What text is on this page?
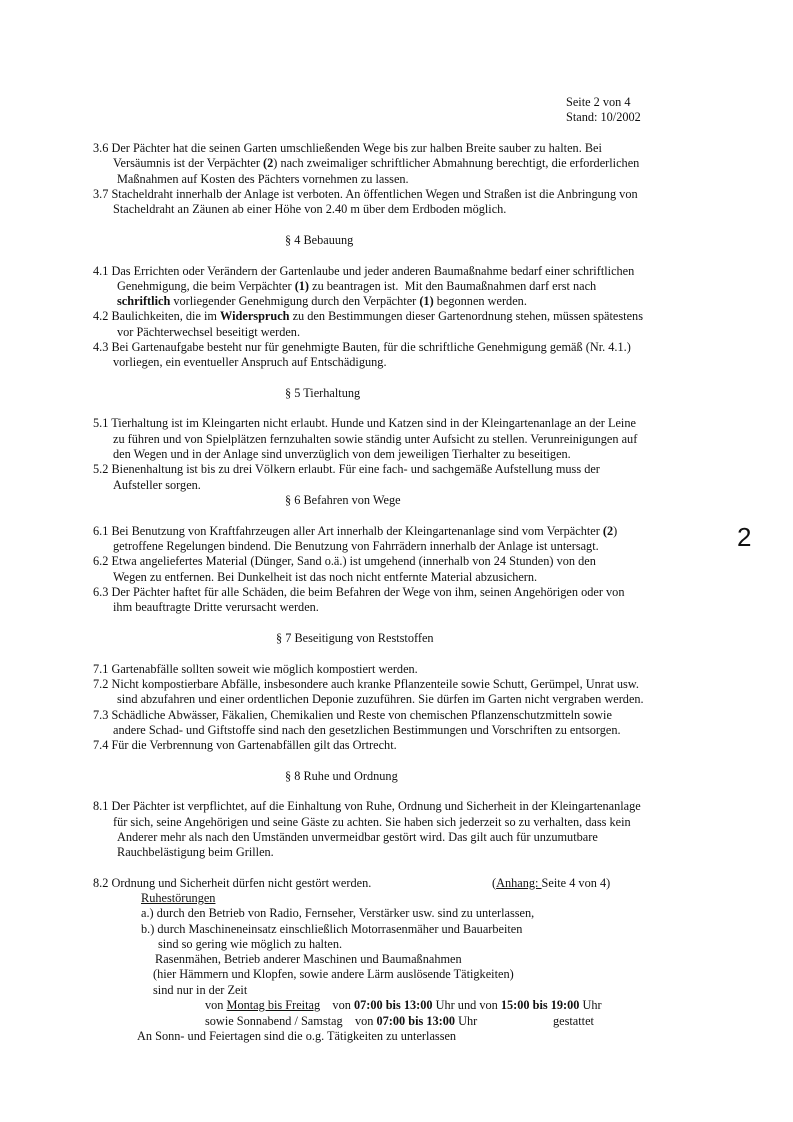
Seite 2 von 4
Stand: 10/2002
2
3.6 Der Pächter hat die seinen Garten umschließenden Wege bis zur halben Breite sauber zu halten. Bei
Versäumnis ist der Verpächter (2) nach zweimaliger schriftlicher Abmahnung berechtigt, die erforderlichen
Maßnahmen auf Kosten des Pächters vornehmen zu lassen.
3.7 Stacheldraht innerhalb der Anlage ist verboten. An öffentlichen Wegen und Straßen ist die Anbringung von
Stacheldraht an Zäunen ab einer Höhe von 2.40 m über dem Erdboden möglich.
§ 4 Bebauung
4.1 Das Errichten oder Verändern der Gartenlaube und jeder anderen Baumaßnahme bedarf einer schriftlichen
Genehmigung, die beim Verpächter (1) zu beantragen ist.  Mit den Baumaßnahmen darf erst nach
schriftlich vorliegender Genehmigung durch den Verpächter (1) begonnen werden.
4.2 Baulichkeiten, die im Widerspruch zu den Bestimmungen dieser Gartenordnung stehen, müssen spätestens
vor Pächterwechsel beseitigt werden.
4.3 Bei Gartenaufgabe besteht nur für genehmigte Bauten, für die schriftliche Genehmigung gemäß (Nr. 4.1.)
vorliegen, ein eventueller Anspruch auf Entschädigung.
§ 5 Tierhaltung
5.1 Tierhaltung ist im Kleingarten nicht erlaubt. Hunde und Katzen sind in der Kleingartenanlage an der Leine
zu führen und von Spielplätzen fernzuhalten sowie ständig unter Aufsicht zu stellen. Verunreinigungen auf
den Wegen und in der Anlage sind unverzüglich von dem jeweiligen Tierhalter zu beseitigen.
5.2 Bienenhaltung ist bis zu drei Völkern erlaubt. Für eine fach- und sachgemäße Aufstellung muss der
Aufsteller sorgen.
§ 6 Befahren von Wege
6.1 Bei Benutzung von Kraftfahrzeugen aller Art innerhalb der Kleingartenanlage sind vom Verpächter (2)
getroffene Regelungen bindend. Die Benutzung von Fahrrädern innerhalb der Anlage ist untersagt.
6.2 Etwa angeliefertes Material (Dünger, Sand o.ä.) ist umgehend (innerhalb von 24 Stunden) von den
Wegen zu entfernen. Bei Dunkelheit ist das noch nicht entfernte Material abzusichern.
6.3 Der Pächter haftet für alle Schäden, die beim Befahren der Wege von ihm, seinen Angehörigen oder von
ihm beauftragte Dritte verursacht werden.
§ 7 Beseitigung von Reststoffen
7.1 Gartenabfälle sollten soweit wie möglich kompostiert werden.
7.2 Nicht kompostierbare Abfälle, insbesondere auch kranke Pflanzenteile sowie Schutt, Gerümpel, Unrat usw.
sind abzufahren und einer ordentlichen Deponie zuzuführen. Sie dürfen im Garten nicht vergraben werden.
7.3 Schädliche Abwässer, Fäkalien, Chemikalien und Reste von chemischen Pflanzenschutzmitteln sowie
andere Schad- und Giftstoffe sind nach den gesetzlichen Bestimmungen und Vorschriften zu entsorgen.
7.4 Für die Verbrennung von Gartenabfällen gilt das Ortrecht.
§ 8 Ruhe und Ordnung
8.1 Der Pächter ist verpflichtet, auf die Einhaltung von Ruhe, Ordnung und Sicherheit in der Kleingartenanlage
für sich, seine Angehörigen und seine Gäste zu achten. Sie haben sich jederzeit so zu verhalten, dass kein
Anderer mehr als nach den Umständen unvermeidbar gestört wird. Das gilt auch für unzumutbare
Rauchbelästigung beim Grillen.
8.2 Ordnung und Sicherheit dürfen nicht gestört werden.	(Anhang: Seite 4 von 4)
Ruhestörungen
a.) durch den Betrieb von Radio, Fernseher, Verstärker usw. sind zu unterlassen,
b.) durch Maschineneinsatz einschließlich Motorrasenmäher und Bauarbeiten
sind so gering wie möglich zu halten.
Rasenmähen, Betrieb anderer Maschinen und Baumaßnahmen
(hier Hämmern und Klopfen, sowie andere Lärm auslösende Tätigkeiten)
sind nur in der Zeit
von Montag bis Freitag    von 07:00 bis 13:00 Uhr und von 15:00 bis 19:00 Uhr
sowie Sonnabend / Samstag    von 07:00 bis 13:00 Uhr	gestattet
An Sonn- und Feiertagen sind die o.g. Tätigkeiten zu unterlassen
